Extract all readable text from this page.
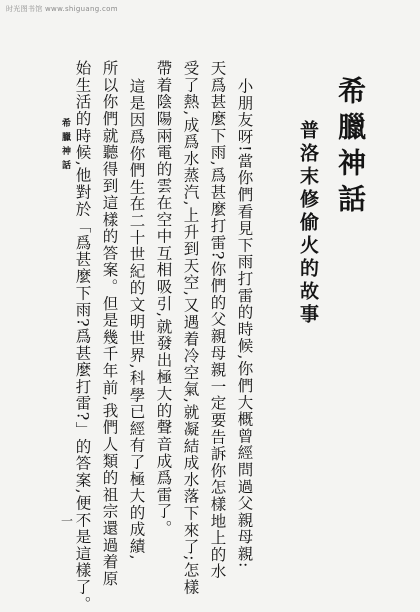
时光图书馆 www.shiguang.com
希臘神話
普洛末修偷火的故事
小朋友呀!當你們看見下雨打雷的時候,你們大概曾經問過父親母親:
天爲甚麼下雨,爲甚麼打雷?你們的父親母親一定要告訴你怎樣地上的水
受了熱,成爲水蒸汽,上升到天空,又遇着冷空氣,就凝結成水落下來了;怎樣
帶着陰陽兩電的雲在空中互相吸引,就發出極大的聲音成爲雷了。
這是因爲你們生在二十世紀的文明世界,科學已經有了極大的成績,
所以你們就聽得到這樣的答案。但是幾千年前,我們人類的祖宗還過着原
始生活的時候,他對於「爲甚麼下雨?爲甚麼打雷?」的答案,便不是這樣了。
希臘神話
一
